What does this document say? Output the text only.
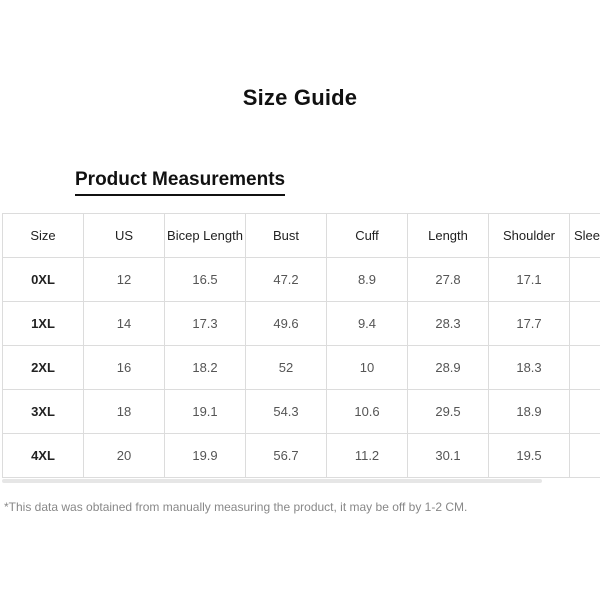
Size Guide
Product Measurements
Size	US	Bicep Length	Bust	Cuff	Length	Shoulder	Slee
0XL	12	16.5	47.2	8.9	27.8	17.1	
1XL	14	17.3	49.6	9.4	28.3	17.7	
2XL	16	18.2	52	10	28.9	18.3	
3XL	18	19.1	54.3	10.6	29.5	18.9	
4XL	20	19.9	56.7	11.2	30.1	19.5	
*This data was obtained from manually measuring the product, it may be off by 1-2 CM.
